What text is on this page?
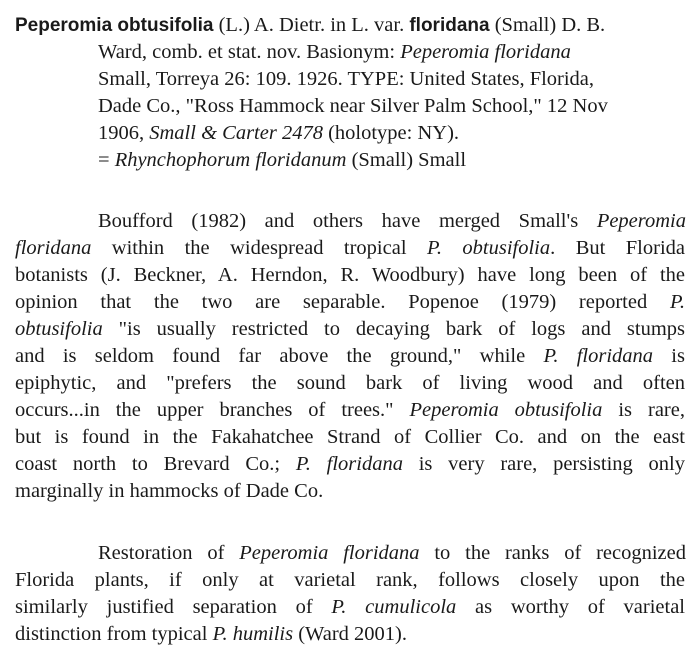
Peperomia obtusifolia (L.) A. Dietr. in L. var. floridana (Small) D. B.

Ward, comb. et stat. nov. Basionym: Peperomia floridana

Small, Torreya 26: 109. 1926. TYPE: United States, Florida,

Dade Co., "Ross Hammock near Silver Palm School," 12 Nov

1906, Small & Carter 2478 (holotype: NY).

= Rhynchophorum floridanum (Small) Small

Boufford (1982) and others have merged Small's Peperomia

floridana within the widespread tropical P. obtusifolia. But Florida

botanists (J. Beckner, A. Herndon, R. Woodbury) have long been of the

opinion that the two are separable. Popenoe (1979) reported P.

obtusifolia "is usually restricted to decaying bark of logs and stumps

and is seldom found far above the ground," while P. floridana is

epiphytic, and "prefers the sound bark of living wood and often

occurs...in the upper branches of trees." Peperomia obtusifolia is rare,

but is found in the Fakahatchee Strand of Collier Co. and on the east

coast north to Brevard Co.; P. floridana is very rare, persisting only

marginally in hammocks of Dade Co.

Restoration of Peperomia floridana to the ranks of recognized

Florida plants, if only at varietal rank, follows closely upon the

similarly justified separation of P. cumulicola as worthy of varietal

distinction from typical P. humilis (Ward 2001).
